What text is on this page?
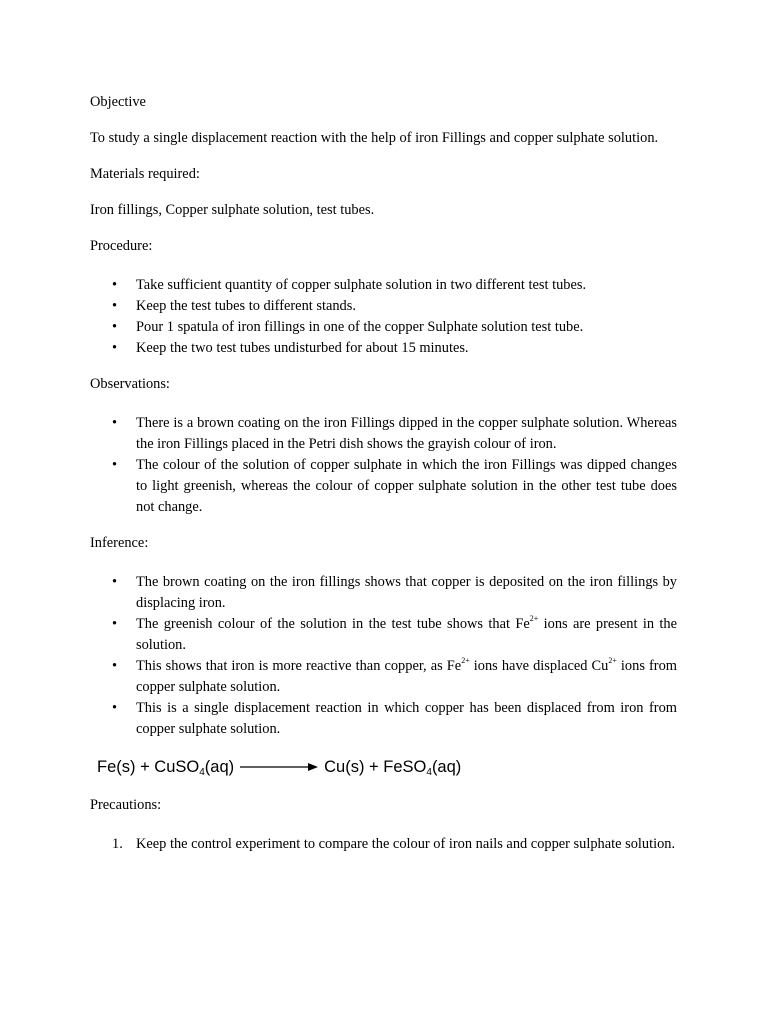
Objective

To study a single displacement reaction with the help of iron Fillings and copper sulphate solution.

Materials required:

Iron fillings, Copper sulphate solution, test tubes.

Procedure:

• Take sufficient quantity of copper sulphate solution in two different test tubes.
• Keep the test tubes to different stands.
• Pour 1 spatula of iron fillings in one of the copper Sulphate solution test tube.
• Keep the two test tubes undisturbed for about 15 minutes.

Observations:

• There is a brown coating on the iron Fillings dipped in the copper sulphate solution. Whereas the iron Fillings placed in the Petri dish shows the grayish colour of iron.
• The colour of the solution of copper sulphate in which the iron Fillings was dipped changes to light greenish, whereas the colour of copper sulphate solution in the other test tube does not change.

Inference:

• The brown coating on the iron fillings shows that copper is deposited on the iron fillings by displacing iron.
• The greenish colour of the solution in the test tube shows that $Fe^{2+}$ ions are present in the solution.
• This shows that iron is more reactive than copper, as $Fe^{2+}$ ions have displaced $Cu^{2+}$ ions from copper sulphate solution.
• This is a single displacement reaction in which copper has been displaced from iron from copper sulphate solution.
Fe(s) + CuSO$_4$(aq)	Cu(s) + FeSO$_4$(aq)

Precautions:

1. Keep the control experiment to compare the colour of iron nails and copper sulphate solution.
